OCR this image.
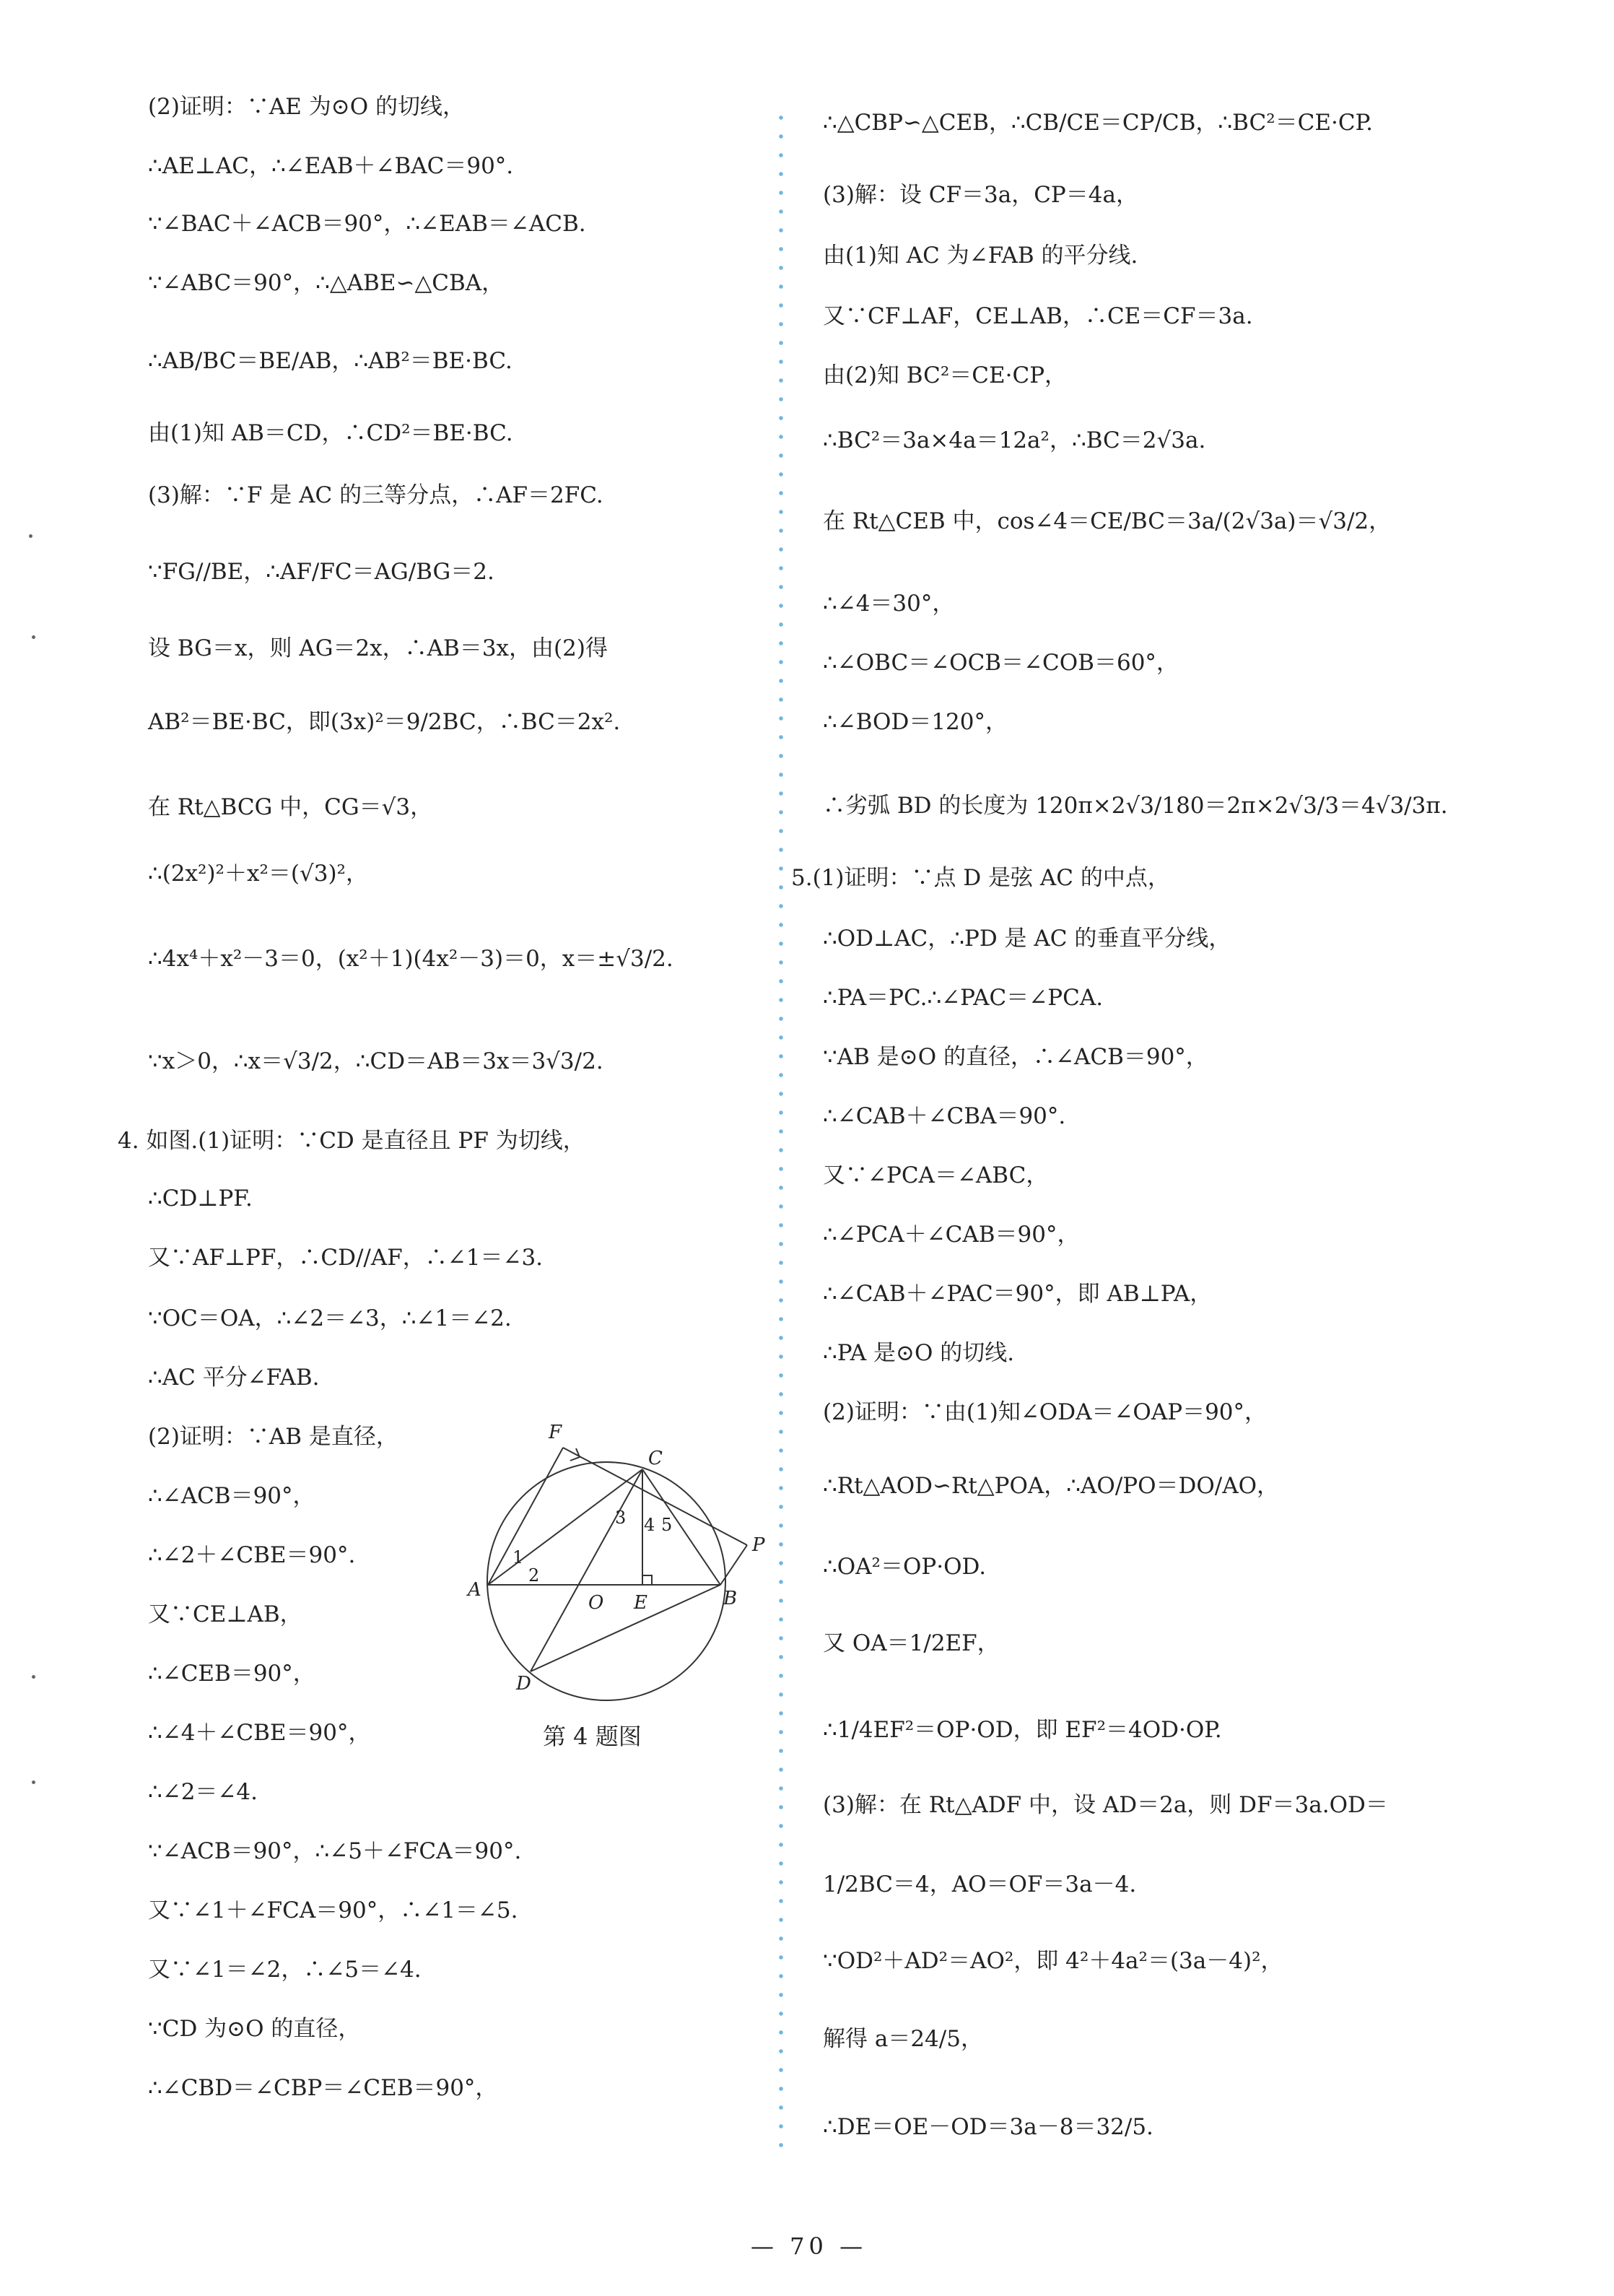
(2)证明：∵AE 为⊙O 的切线，
∴AE⊥AC，∴∠EAB＋∠BAC＝90°.
∵∠BAC＋∠ACB＝90°，∴∠EAB＝∠ACB.
∵∠ABC＝90°，∴△ABE∽△CBA，
∴AB/BC＝BE/AB，∴AB²＝BE·BC.
由(1)知 AB＝CD，∴CD²＝BE·BC.
(3)解：∵F 是 AC 的三等分点，∴AF＝2FC.
∵FG//BE，∴AF/FC＝AG/BG＝2.
设 BG＝x，则 AG＝2x，∴AB＝3x，由(2)得
AB²＝BE·BC，即(3x)²＝9/2BC，∴BC＝2x².
在 Rt△BCG 中，CG＝√3，
∴(2x²)²＋x²＝(√3)²，
∴4x⁴＋x²－3＝0，(x²＋1)(4x²－3)＝0，x＝±√3/2.
∵x＞0，∴x＝√3/2，∴CD＝AB＝3x＝3√3/2.
4. 如图.(1)证明：∵CD 是直径且 PF 为切线，
∴CD⊥PF.
又∵AF⊥PF，∴CD//AF，∴∠1＝∠3.
∵OC＝OA，∴∠2＝∠3，∴∠1＝∠2.
∴AC 平分∠FAB.
(2)证明：∵AB 是直径，
∴∠ACB＝90°，
∴∠2＋∠CBE＝90°.
又∵CE⊥AB，
∴∠CEB＝90°，
∴∠4＋∠CBE＝90°，
∴∠2＝∠4.
∵∠ACB＝90°，∴∠5＋∠FCA＝90°.
又∵∠1＋∠FCA＝90°，∴∠1＝∠5.
又∵∠1＝∠2，∴∠5＝∠4.
∵CD 为⊙O 的直径，
∴∠CBD＝∠CBP＝∠CEB＝90°，
∴△CBP∽△CEB，∴CB/CE＝CP/CB，∴BC²＝CE·CP.
(3)解：设 CF＝3a，CP＝4a，
由(1)知 AC 为∠FAB 的平分线.
又∵CF⊥AF，CE⊥AB，∴CE＝CF＝3a.
由(2)知 BC²＝CE·CP，
∴BC²＝3a×4a＝12a²，∴BC＝2√3a.
在 Rt△CEB 中，cos∠4＝CE/BC＝3a/(2√3a)＝√3/2，
∴∠4＝30°，
∴∠OBC＝∠OCB＝∠COB＝60°，
∴∠BOD＝120°，
∴劣弧 BD 的长度为 120π×2√3/180＝2π×2√3/3＝4√3/3π.
5.(1)证明：∵点 D 是弦 AC 的中点，
∴OD⊥AC，∴PD 是 AC 的垂直平分线，
∴PA＝PC.∴∠PAC＝∠PCA.
∵AB 是⊙O 的直径，∴∠ACB＝90°，
∴∠CAB＋∠CBA＝90°.
又∵∠PCA＝∠ABC，
∴∠PCA＋∠CAB＝90°，
∴∠CAB＋∠PAC＝90°，即 AB⊥PA，
∴PA 是⊙O 的切线.
(2)证明：∵由(1)知∠ODA＝∠OAP＝90°，
∴Rt△AOD∽Rt△POA，∴AO/PO＝DO/AO，
∴OA²＝OP·OD.
又 OA＝1/2EF，
∴1/4EF²＝OP·OD，即 EF²＝4OD·OP.
(3)解：在 Rt△ADF 中，设 AD＝2a，则 DF＝3a.OD＝
1/2BC＝4，AO＝OF＝3a－4.
∵OD²＋AD²＝AO²，即 4²＋4a²＝(3a－4)²，
解得 a＝24/5，
∴DE＝OE－OD＝3a－8＝32/5.
F
C
A
O E	B
P
D
1
2
3 4 5
第 4 题图
— 70 —
